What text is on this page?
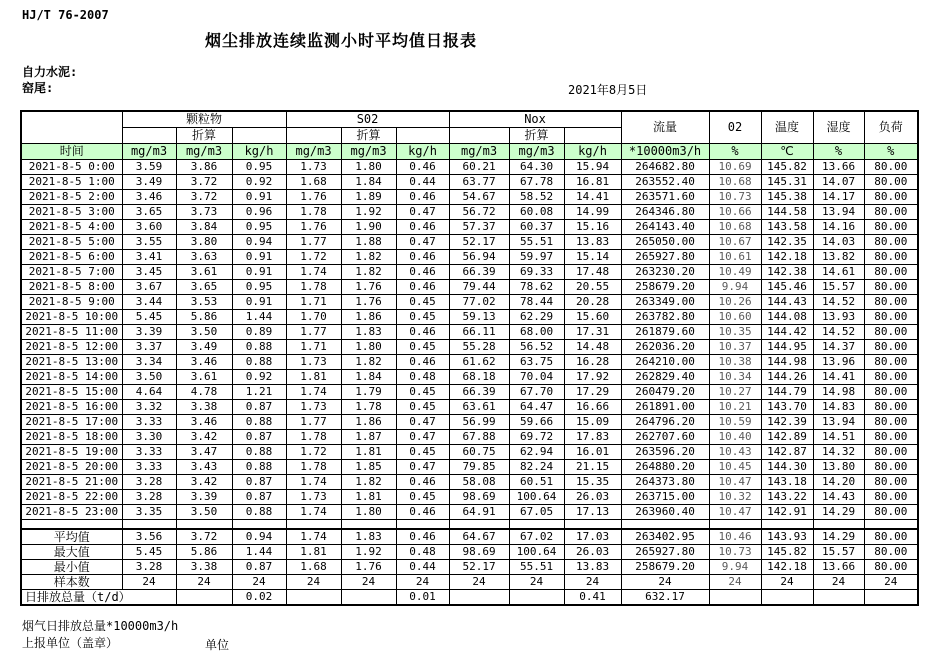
HJ/T 76-2007
烟尘排放连续监测小时平均值日报表
自力水泥:
窑尾:	2021年8月5日
	颗粒物			S02			Nox			流量	02	温度	湿度	负荷
		折算			折算			折算						
时间	mg/m3	mg/m3	kg/h	mg/m3	mg/m3	kg/h	mg/m3	mg/m3	kg/h	*10000m3/h	%	℃	%	%
2021-8-5 0:00	3.59	3.86	0.95	1.73	1.80	0.46	60.21	64.30	15.94	264682.80	10.69	145.82	13.66	80.00
2021-8-5 1:00	3.49	3.72	0.92	1.68	1.84	0.44	63.77	67.78	16.81	263552.40	10.68	145.31	14.07	80.00
2021-8-5 2:00	3.46	3.72	0.91	1.76	1.89	0.46	54.67	58.52	14.41	263571.60	10.73	145.38	14.17	80.00
2021-8-5 3:00	3.65	3.73	0.96	1.78	1.92	0.47	56.72	60.08	14.99	264346.80	10.66	144.58	13.94	80.00
2021-8-5 4:00	3.60	3.84	0.95	1.76	1.90	0.46	57.37	60.37	15.16	264143.40	10.68	143.58	14.16	80.00
2021-8-5 5:00	3.55	3.80	0.94	1.77	1.88	0.47	52.17	55.51	13.83	265050.00	10.67	142.35	14.03	80.00
2021-8-5 6:00	3.41	3.63	0.91	1.72	1.82	0.46	56.94	59.97	15.14	265927.80	10.61	142.18	13.82	80.00
2021-8-5 7:00	3.45	3.61	0.91	1.74	1.82	0.46	66.39	69.33	17.48	263230.20	10.49	142.38	14.61	80.00
2021-8-5 8:00	3.67	3.65	0.95	1.78	1.76	0.46	79.44	78.62	20.55	258679.20	9.94	145.46	15.57	80.00
2021-8-5 9:00	3.44	3.53	0.91	1.71	1.76	0.45	77.02	78.44	20.28	263349.00	10.26	144.43	14.52	80.00
2021-8-5 10:00	5.45	5.86	1.44	1.70	1.86	0.45	59.13	62.29	15.60	263782.80	10.60	144.08	13.93	80.00
2021-8-5 11:00	3.39	3.50	0.89	1.77	1.83	0.46	66.11	68.00	17.31	261879.60	10.35	144.42	14.52	80.00
2021-8-5 12:00	3.37	3.49	0.88	1.71	1.80	0.45	55.28	56.52	14.48	262036.20	10.37	144.95	14.37	80.00
2021-8-5 13:00	3.34	3.46	0.88	1.73	1.82	0.46	61.62	63.75	16.28	264210.00	10.38	144.98	13.96	80.00
2021-8-5 14:00	3.50	3.61	0.92	1.81	1.84	0.48	68.18	70.04	17.92	262829.40	10.34	144.26	14.41	80.00
2021-8-5 15:00	4.64	4.78	1.21	1.74	1.79	0.45	66.39	67.70	17.29	260479.20	10.27	144.79	14.98	80.00
2021-8-5 16:00	3.32	3.38	0.87	1.73	1.78	0.45	63.61	64.47	16.66	261891.00	10.21	143.70	14.83	80.00
2021-8-5 17:00	3.33	3.46	0.88	1.77	1.86	0.47	56.99	59.66	15.09	264796.20	10.59	142.39	13.94	80.00
2021-8-5 18:00	3.30	3.42	0.87	1.78	1.87	0.47	67.88	69.72	17.83	262707.60	10.40	142.89	14.51	80.00
2021-8-5 19:00	3.33	3.47	0.88	1.72	1.81	0.45	60.75	62.94	16.01	263596.20	10.43	142.87	14.32	80.00
2021-8-5 20:00	3.33	3.43	0.88	1.78	1.85	0.47	79.85	82.24	21.15	264880.20	10.45	144.30	13.80	80.00
2021-8-5 21:00	3.28	3.42	0.87	1.74	1.82	0.46	58.08	60.51	15.35	264373.80	10.47	143.18	14.20	80.00
2021-8-5 22:00	3.28	3.39	0.87	1.73	1.81	0.45	98.69	100.64	26.03	263715.00	10.32	143.22	14.43	80.00
2021-8-5 23:00	3.35	3.50	0.88	1.74	1.80	0.46	64.91	67.05	17.13	263960.40	10.47	142.91	14.29	80.00

平均值	3.56	3.72	0.94	1.74	1.83	0.46	64.67	67.02	17.03	263402.95	10.46	143.93	14.29	80.00
最大值	5.45	5.86	1.44	1.81	1.92	0.48	98.69	100.64	26.03	265927.80	10.73	145.82	15.57	80.00
最小值	3.28	3.38	0.87	1.68	1.76	0.44	52.17	55.51	13.83	258679.20	9.94	142.18	13.66	80.00
样本数	24	24	24	24	24	24	24	24	24	24	24	24	24	24
日排放总量（t/d）			0.02			0.01			0.41	632.17				
烟气日排放总量*10000m3/h
上报单位（盖章）	单位
